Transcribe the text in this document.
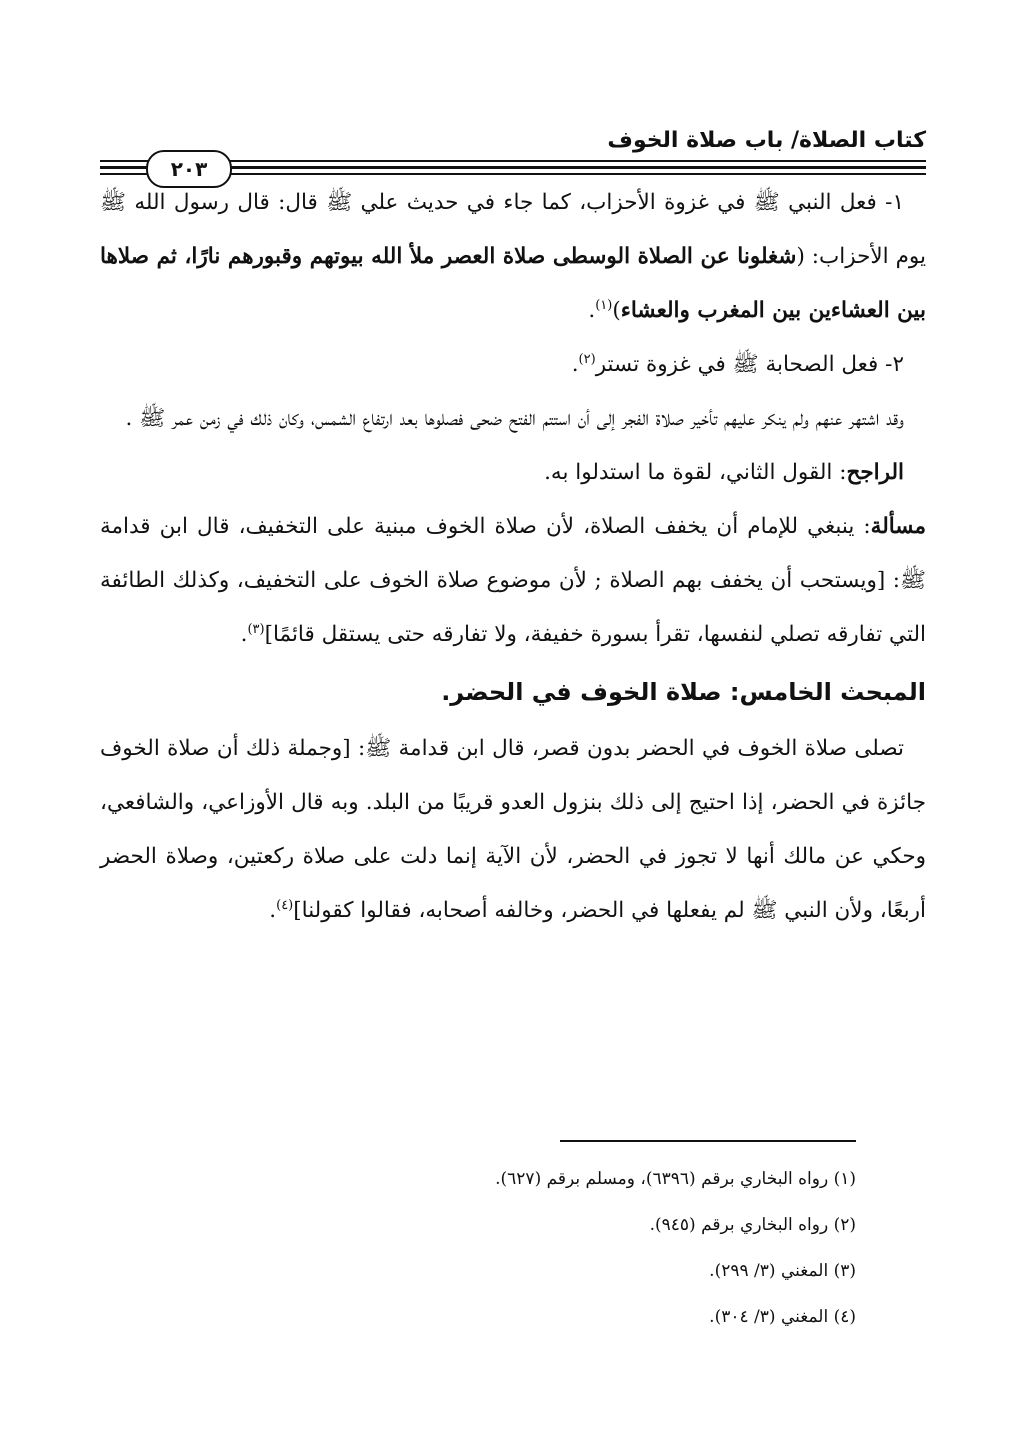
كتاب الصلاة/ باب صلاة الخوف
٢٠٣

١- فعل النبي ﷺ في غزوة الأحزاب، كما جاء في حديث علي ﷺ قال: قال رسول الله ﷺ يوم الأحزاب: (شغلونا عن الصلاة الوسطى صلاة العصر ملأ الله بيوتهم وقبورهم نارًا، ثم صلاها بين العشاءين بين المغرب والعشاء)$^{(١)}$.

٢- فعل الصحابة ﷺ في غزوة تستر$^{(٢)}$.

وقد اشتهر عنهم ولم ينكر عليهم تأخير صلاة الفجر إلى أن استتم الفتح ضحى فصلوها بعد ارتفاع الشمس، وكان ذلك في زمن عمر ﷺ .

الراجح: القول الثاني، لقوة ما استدلوا به.

مسألة: ينبغي للإمام أن يخفف الصلاة، لأن صلاة الخوف مبنية على التخفيف، قال ابن قدامة ﷺ: [ويستحب أن يخفف بهم الصلاة ; لأن موضوع صلاة الخوف على التخفيف، وكذلك الطائفة التي تفارقه تصلي لنفسها، تقرأ بسورة خفيفة، ولا تفارقه حتى يستقل قائمًا]$^{(٣)}$.

المبحث الخامس: صلاة الخوف في الحضر.

تصلى صلاة الخوف في الحضر بدون قصر، قال ابن قدامة ﷺ: [وجملة ذلك أن صلاة الخوف جائزة في الحضر، إذا احتيج إلى ذلك بنزول العدو قريبًا من البلد. وبه قال الأوزاعي، والشافعي، وحكي عن مالك أنها لا تجوز في الحضر، لأن الآية إنما دلت على صلاة ركعتين، وصلاة الحضر أربعًا، ولأن النبي ﷺ لم يفعلها في الحضر، وخالفه أصحابه، فقالوا كقولنا]$^{(٤)}$.

(١) رواه البخاري برقم (٦٣٩٦)، ومسلم برقم (٦٢٧).
(٢) رواه البخاري برقم (٩٤٥).
(٣) المغني (٣/ ٢٩٩).
(٤) المغني (٣/ ٣٠٤).
